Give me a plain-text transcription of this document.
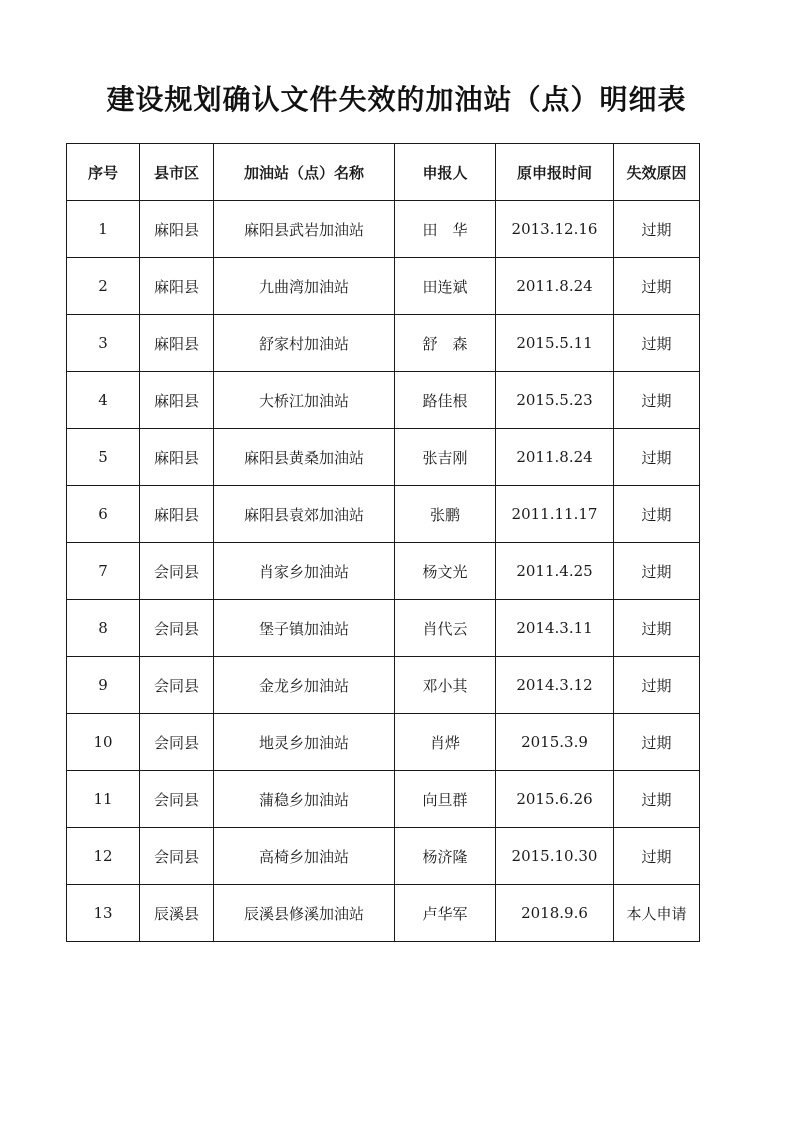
建设规划确认文件失效的加油站（点）明细表
序号	县市区	加油站（点）名称	申报人	原申报时间	失效原因
1	麻阳县	麻阳县武岩加油站	田　华	2013.12.16	过期
2	麻阳县	九曲湾加油站	田连斌	2011.8.24	过期
3	麻阳县	舒家村加油站	舒　森	2015.5.11	过期
4	麻阳县	大桥江加油站	路佳根	2015.5.23	过期
5	麻阳县	麻阳县黄桑加油站	张吉刚	2011.8.24	过期
6	麻阳县	麻阳县袁郊加油站	张鹏	2011.11.17	过期
7	会同县	肖家乡加油站	杨文光	2011.4.25	过期
8	会同县	堡子镇加油站	肖代云	2014.3.11	过期
9	会同县	金龙乡加油站	邓小其	2014.3.12	过期
10	会同县	地灵乡加油站	肖烨	2015.3.9	过期
11	会同县	蒲稳乡加油站	向旦群	2015.6.26	过期
12	会同县	高椅乡加油站	杨济隆	2015.10.30	过期
13	辰溪县	辰溪县修溪加油站	卢华军	2018.9.6	本人申请
